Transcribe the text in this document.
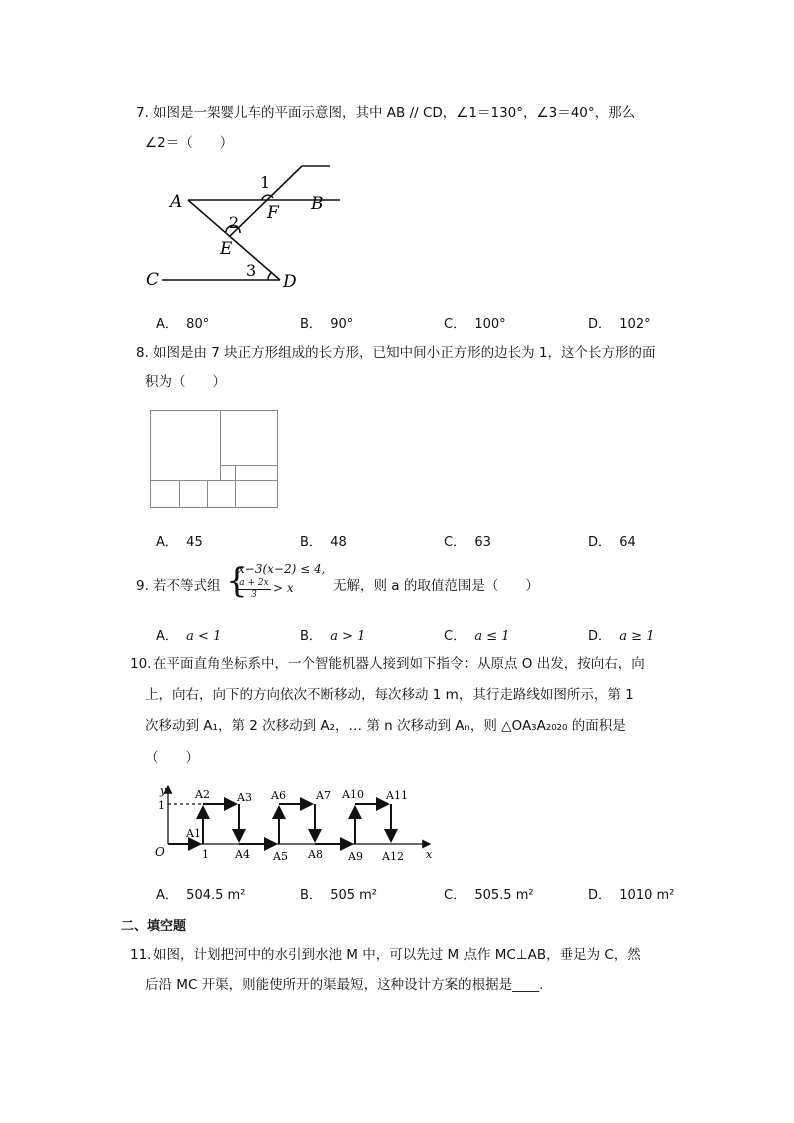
7. 如图是一架婴儿车的平面示意图，其中 AB // CD，∠1＝130°，∠3＝40°，那么
∠2＝（　　）
A	B
C	D
E
F
1
2
3
A． 80°	B． 90°	C． 100°	D． 102°
8. 如图是由 7 块正方形组成的长方形，已知中间小正方形的边长为 1，这个长方形的面
积为（　　）
A． 45	B． 48	C． 63	D． 64
9. 若不等式组 {
x−3(x−2) ≤ 4,
a + 2x
3	> x	无解，则 a 的取值范围是（　　）
A． a < 1	B． a > 1	C． a ≤ 1	D． a ≥ 1
10. 在平面直角坐标系中，一个智能机器人接到如下指令：从原点 O 出发，按向右，向
上，向右，向下的方向依次不断移动，每次移动 1 m，其行走路线如图所示，第 1
次移动到 A₁，第 2 次移动到 A₂，… 第 n 次移动到 Aₙ，则 △OA₃A₂₀₂₀ 的面积是
（　　）
y
x
O
1
1
A1
A2 A3
A4 A5
A6	A7
A8 A9
A10 A11
A12
A． 504.5 m²	B． 505 m²	C． 505.5 m²	D． 1010 m²
二、填空题
11. 如图，计划把河中的水引到水池 M 中，可以先过 M 点作 MC⊥AB，垂足为 C，然
后沿 MC 开渠，则能使所开的渠最短，这种设计方案的根据是____.
